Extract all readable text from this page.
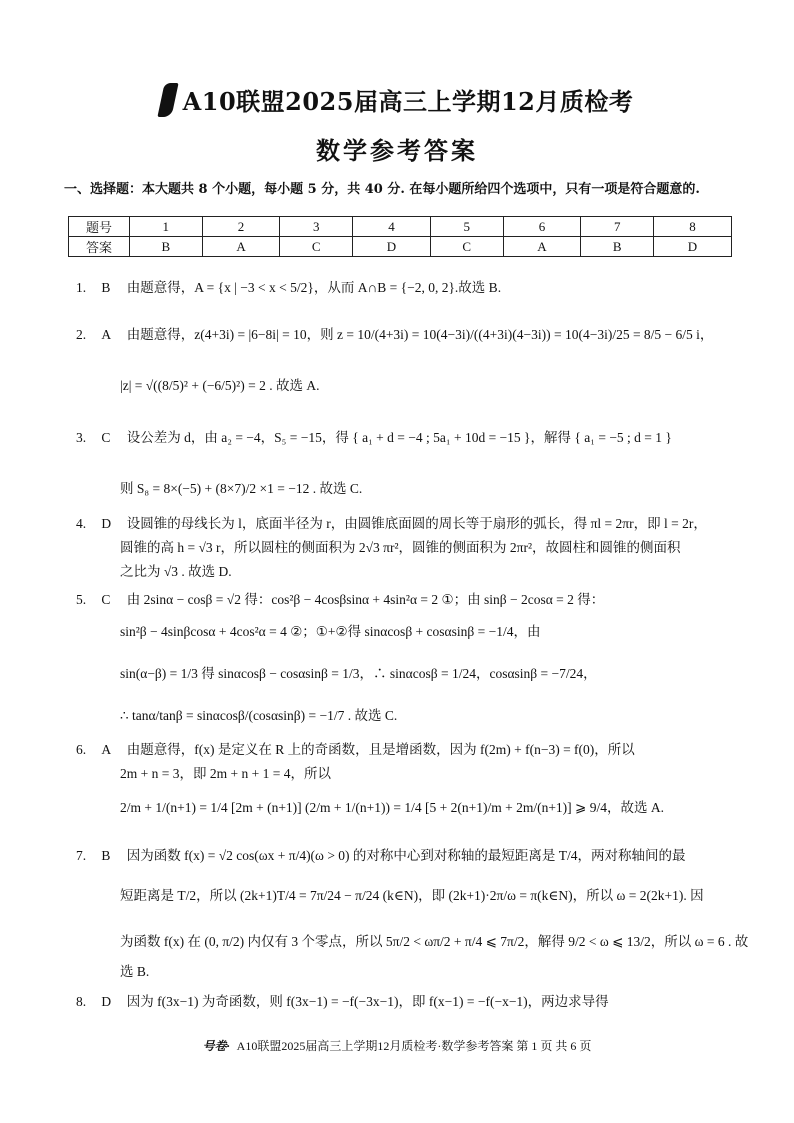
A10联盟2025届高三上学期12月质检考
数学参考答案
一、选择题：本大题共 8 个小题，每小题 5 分，共 40 分. 在每小题所给四个选项中，只有一项是符合题意的.
题号	1	2	3	4	5	6	7	8
答案	B	A	C	D	C	A	B	D
1. B 由题意得，A = {x | −3 < x < 5/2}，从而 A∩B = {−2, 0, 2}.故选 B.
2. A 由题意得，z(4+3i) = |6−8i| = 10，则 z = 10/(4+3i) = 10(4−3i)/((4+3i)(4−3i)) = 10(4−3i)/25 = 8/5 − 6/5 i，
|z| = √((8/5)² + (−6/5)²) = 2 . 故选 A.
3. C 设公差为 d，由 a₂ = −4，S₅ = −15，得 { a₁ + d = −4 ; 5a₁ + 10d = −15 }，解得 { a₁ = −5 ; d = 1 }
则 S₈ = 8×(−5) + (8×7)/2 ×1 = −12 . 故选 C.
4. D 设圆锥的母线长为 l，底面半径为 r，由圆锥底面圆的周长等于扇形的弧长，得 πl = 2πr，即 l = 2r，
圆锥的高 h = √3 r，所以圆柱的侧面积为 2√3 πr²，圆锥的侧面积为 2πr²，故圆柱和圆锥的侧面积
之比为 √3 . 故选 D.
5. C 由 2sinα − cosβ = √2 得：cos²β − 4cosβsinα + 4sin²α = 2 ①；由 sinβ − 2cosα = 2 得：
sin²β − 4sinβcosα + 4cos²α = 4 ②；①+②得 sinαcosβ + cosαsinβ = −1/4，由
sin(α−β) = 1/3 得 sinαcosβ − cosαsinβ = 1/3，∴ sinαcosβ = 1/24，cosαsinβ = −7/24，
∴ tanα/tanβ = sinαcosβ/(cosαsinβ) = −1/7 . 故选 C.
6. A 由题意得，f(x) 是定义在 R 上的奇函数，且是增函数，因为 f(2m) + f(n−3) = f(0)，所以
2m + n = 3，即 2m + n + 1 = 4，所以
2/m + 1/(n+1) = 1/4 [2m + (n+1)] (2/m + 1/(n+1)) = 1/4 [5 + 2(n+1)/m + 2m/(n+1)] ⩾ 9/4，故选 A.
7. B 因为函数 f(x) = √2 cos(ωx + π/4)(ω > 0) 的对称中心到对称轴的最短距离是 T/4，两对称轴间的最
短距离是 T/2，所以 (2k+1)T/4 = 7π/24 − π/24 (k∈N)，即 (2k+1)·2π/ω = π(k∈N)，所以 ω = 2(2k+1). 因
为函数 f(x) 在 (0, π/2) 内仅有 3 个零点，所以 5π/2 < ωπ/2 + π/4 ⩽ 7π/2，解得 9/2 < ω ⩽ 13/2，所以 ω = 6 . 故
选 B.
8. D 因为 f(3x−1) 为奇函数，则 f(3x−1) = −f(−3x−1)，即 f(x−1) = −f(−x−1)，两边求导得
号卷· A10联盟2025届高三上学期12月质检考·数学参考答案 第 1 页 共 6 页
